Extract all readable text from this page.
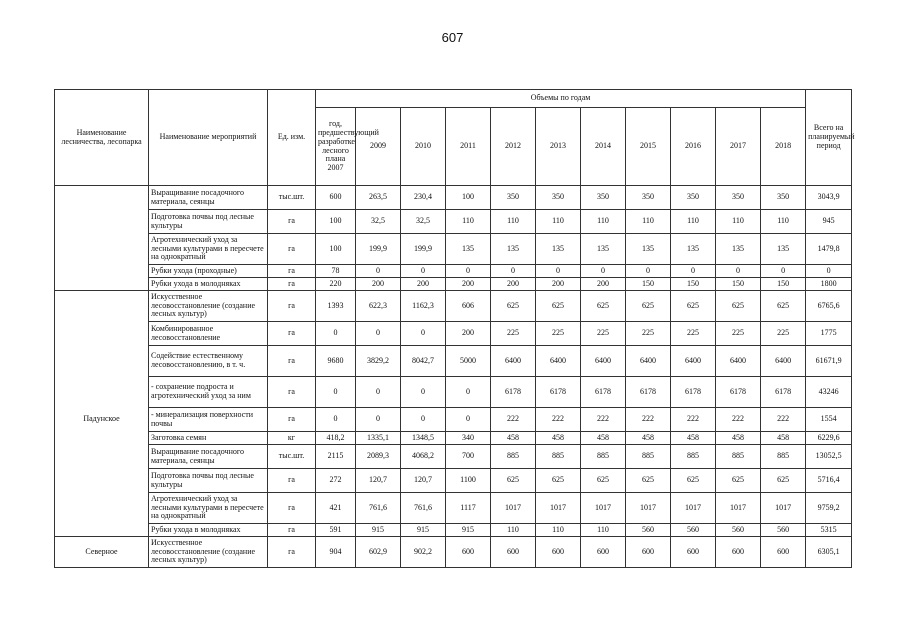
607
Наименование лесничества, лесопарка	Наименование мероприятий	Ед. изм.	Объемы по годам											Всего на планируемый период
			год, предшествующий разработке лесного плана 2007	2009	2010	2011	2012	2013	2014	2015	2016	2017	2018	
	Выращивание посадочного материала, сеянцы	тыс.шт.	600	263,5	230,4	100	350	350	350	350	350	350	350	3043,9
	Подготовка почвы под лесные культуры	га	100	32,5	32,5	110	110	110	110	110	110	110	110	945
	Агротехнический уход за лесными культурами в пересчете на однократный	га	100	199,9	199,9	135	135	135	135	135	135	135	135	1479,8
	Рубки ухода (проходные)	га	78	0	0	0	0	0	0	0	0	0	0	0
	Рубки ухода в молодняках	га	220	200	200	200	200	200	200	150	150	150	150	1800
	Искусственное лесовосстановление (создание лесных культур)	га	1393	622,3	1162,3	606	625	625	625	625	625	625	625	6765,6
	Комбинированное лесовосстановление	га	0	0	0	200	225	225	225	225	225	225	225	1775
	Содействие естественному лесовосстановлению, в т. ч.	га	9680	3829,2	8042,7	5000	6400	6400	6400	6400	6400	6400	6400	61671,9
	- сохранение подроста и агротехнический уход за ним	га	0	0	0	0	6178	6178	6178	6178	6178	6178	6178	43246
Падунское	- минерализация поверхности почвы	га	0	0	0	0	222	222	222	222	222	222	222	1554
	Заготовка семян	кг	418,2	1335,1	1348,5	340	458	458	458	458	458	458	458	6229,6
	Выращивание посадочного материала, сеянцы	тыс.шт.	2115	2089,3	4068,2	700	885	885	885	885	885	885	885	13052,5
	Подготовка почвы под лесные культуры	га	272	120,7	120,7	1100	625	625	625	625	625	625	625	5716,4
	Агротехнический уход за лесными культурами в пересчете на однократный	га	421	761,6	761,6	1117	1017	1017	1017	1017	1017	1017	1017	9759,2
	Рубки ухода в молодняках	га	591	915	915	915	110	110	110	560	560	560	560	5315
Северное	Искусственное лесовосстановление (создание лесных культур)	га	904	602,9	902,2	600	600	600	600	600	600	600	600	6305,1
